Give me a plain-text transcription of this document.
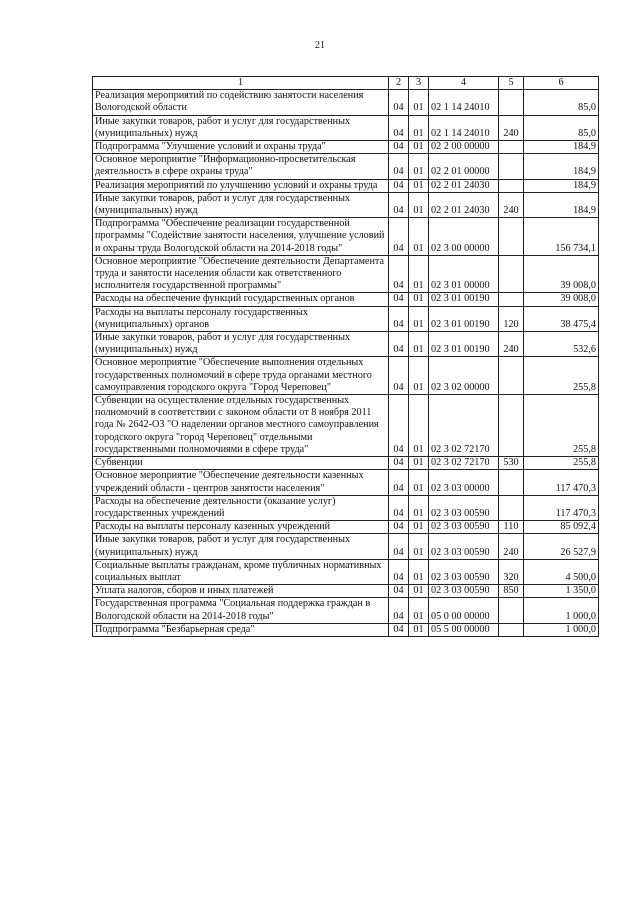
21
1	2	3	4	5	6
Реализация мероприятий по содействию занятости населения Вологодской области	04	01	02 1 14 24010		85,0
Иные закупки товаров, работ и услуг для государственных (муниципальных) нужд	04	01	02 1 14 24010	240	85,0
Подпрограмма "Улучшение условий и охраны труда"	04	01	02 2 00 00000		184,9
Основное мероприятие "Информационно-просветительская деятельность в сфере охраны труда"	04	01	02 2 01 00000		184,9
Реализация мероприятий по улучшению условий и охраны труда	04	01	02 2 01 24030		184,9
Иные закупки товаров, работ и услуг для государственных (муниципальных) нужд	04	01	02 2 01 24030	240	184,9
Подпрограмма "Обеспечение реализации государственной программы "Содействие занятости населения, улучшение условий и охраны труда Вологодской области на 2014-2018 годы"	04	01	02 3 00 00000		156 734,1
Основное мероприятие "Обеспечение деятельности Департамента труда и занятости населения области как ответственного исполнителя государственной программы"	04	01	02 3 01 00000		39 008,0
Расходы на обеспечение функций государственных органов	04	01	02 3 01 00190		39 008,0
Расходы на выплаты персоналу государственных (муниципальных) органов	04	01	02 3 01 00190	120	38 475,4
Иные закупки товаров, работ и услуг для государственных (муниципальных) нужд	04	01	02 3 01 00190	240	532,6
Основное мероприятие "Обеспечение выполнения отдельных государственных полномочий в сфере труда органами местного самоуправления городского округа "Город Череповец"	04	01	02 3 02 00000		255,8
Субвенции на осуществление отдельных государственных полномочий в соответствии с законом области от 8 ноября 2011 года № 2642-ОЗ "О наделении органов местного самоуправления городского округа "город Череповец" отдельными государственными полномочиями в сфере труда"	04	01	02 3 02 72170		255,8
Субвенции	04	01	02 3 02 72170	530	255,8
Основное мероприятие "Обеспечение деятельности казенных учреждений области - центров занятости населения"	04	01	02 3 03 00000		117 470,3
Расходы на обеспечение деятельности (оказание услуг) государственных учреждений	04	01	02 3 03 00590		117 470,3
Расходы на выплаты персоналу казенных учреждений	04	01	02 3 03 00590	110	85 092,4
Иные закупки товаров, работ и услуг для государственных (муниципальных) нужд	04	01	02 3 03 00590	240	26 527,9
Социальные выплаты гражданам, кроме публичных нормативных социальных выплат	04	01	02 3 03 00590	320	4 500,0
Уплата налогов, сборов и иных платежей	04	01	02 3 03 00590	850	1 350,0
Государственная программа "Социальная поддержка граждан в Вологодской области на 2014-2018 годы"	04	01	05 0 00 00000		1 000,0
Подпрограмма "Безбарьерная среда"	04	01	05 5 00 00000		1 000,0
